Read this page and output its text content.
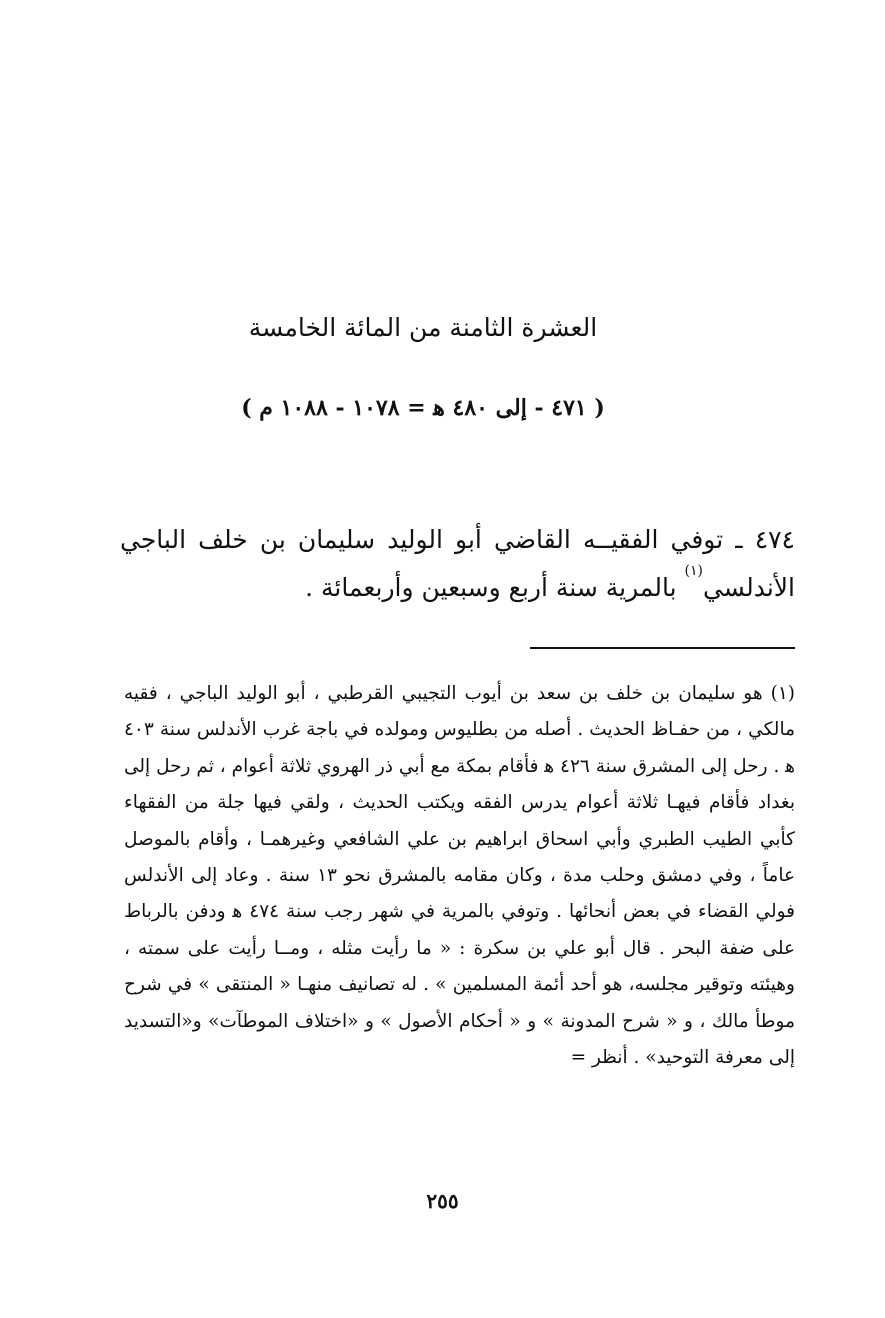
العشرة الثامنة من المائة الخامسة

( ٤٧١ - إلى ٤٨٠ ﻫ = ١٠٧٨ - ١٠٨٨ م )

٤٧٤ ـ توفي الفقيــه القاضي أبو الوليد سليمان بن خلف الباجي الأندلسي$^{(١)}$ بالمرية سنة أربع وسبعين وأربعمائة .

(١) هو سليمان بن خلف بن سعد بن أيوب التجيبي القرطبي ، أبو الوليد الباجي ، فقيه مالكي ، من حفـاظ الحديث . أصله من بطليوس ومولده في باجة غرب الأندلس سنة ٤٠٣ ﻫ . رحل إلى المشرق سنة ٤٢٦ ﻫ فأقام بمكة مع أبي ذر الهروي ثلاثة أعوام ، ثم رحل إلى بغداد فأقام فيهـا ثلاثة أعوام يدرس الفقه ويكتب الحديث ، ولقي فيها جلة من الفقهاء كأبي الطيب الطبري وأبي اسحاق ابراهيم بن علي الشافعي وغيرهمـا ، وأقام بالموصل عاماً ، وفي دمشق وحلب مدة ، وكان مقامه بالمشرق نحو ١٣ سنة . وعاد إلى الأندلس فولي القضاء في بعض أنحائها . وتوفي بالمرية في شهر رجب سنة ٤٧٤ ﻫ ودفن بالرباط على ضفة البحر . قال أبو علي بن سكرة : « ما رأيت مثله ، ومــا رأيت على سمته ، وهيئته وتوقير مجلسه، هو أحد أئمة المسلمين » . له تصانيف منهـا « المنتقى » في شرح موطأ مالك ، و « شرح المدونة » و « أحكام الأصول » و «اختلاف الموطآت» و«التسديد إلى معرفة التوحيد» . أنظر =

٢٥٥
